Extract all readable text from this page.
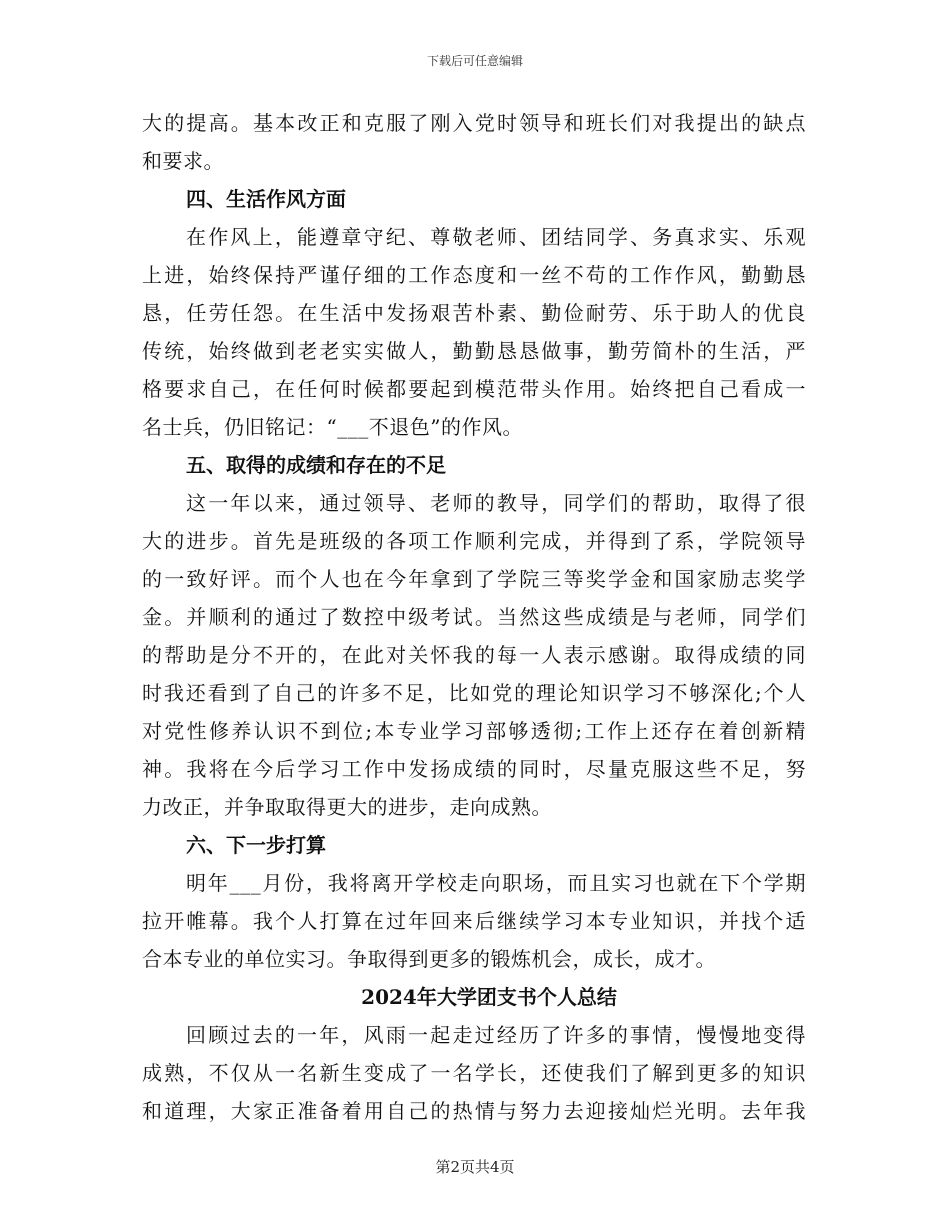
下载后可任意编辑
大的提高。基本改正和克服了刚入党时领导和班长们对我提出的缺点
和要求。
四、生活作风方面
在作风上，能遵章守纪、尊敬老师、团结同学、务真求实、乐观
上进，始终保持严谨仔细的工作态度和一丝不苟的工作作风，勤勤恳
恳，任劳任怨。在生活中发扬艰苦朴素、勤俭耐劳、乐于助人的优良
传统，始终做到老老实实做人，勤勤恳恳做事，勤劳简朴的生活，严
格要求自己，在任何时候都要起到模范带头作用。始终把自己看成一
名士兵，仍旧铭记：“___不退色”的作风。
五、取得的成绩和存在的不足
这一年以来，通过领导、老师的教导，同学们的帮助，取得了很
大的进步。首先是班级的各项工作顺利完成，并得到了系，学院领导
的一致好评。而个人也在今年拿到了学院三等奖学金和国家励志奖学
金。并顺利的通过了数控中级考试。当然这些成绩是与老师，同学们
的帮助是分不开的，在此对关怀我的每一人表示感谢。取得成绩的同
时我还看到了自己的许多不足，比如党的理论知识学习不够深化;个人
对党性修养认识不到位;本专业学习部够透彻;工作上还存在着创新精
神。我将在今后学习工作中发扬成绩的同时，尽量克服这些不足，努
力改正，并争取取得更大的进步，走向成熟。
六、下一步打算
明年___月份，我将离开学校走向职场，而且实习也就在下个学期
拉开帷幕。我个人打算在过年回来后继续学习本专业知识，并找个适
合本专业的单位实习。争取得到更多的锻炼机会，成长，成才。
2024年大学团支书个人总结
回顾过去的一年，风雨一起走过经历了许多的事情，慢慢地变得
成熟，不仅从一名新生变成了一名学长，还使我们了解到更多的知识
和道理，大家正准备着用自己的热情与努力去迎接灿烂光明。去年我
第2页共4页
